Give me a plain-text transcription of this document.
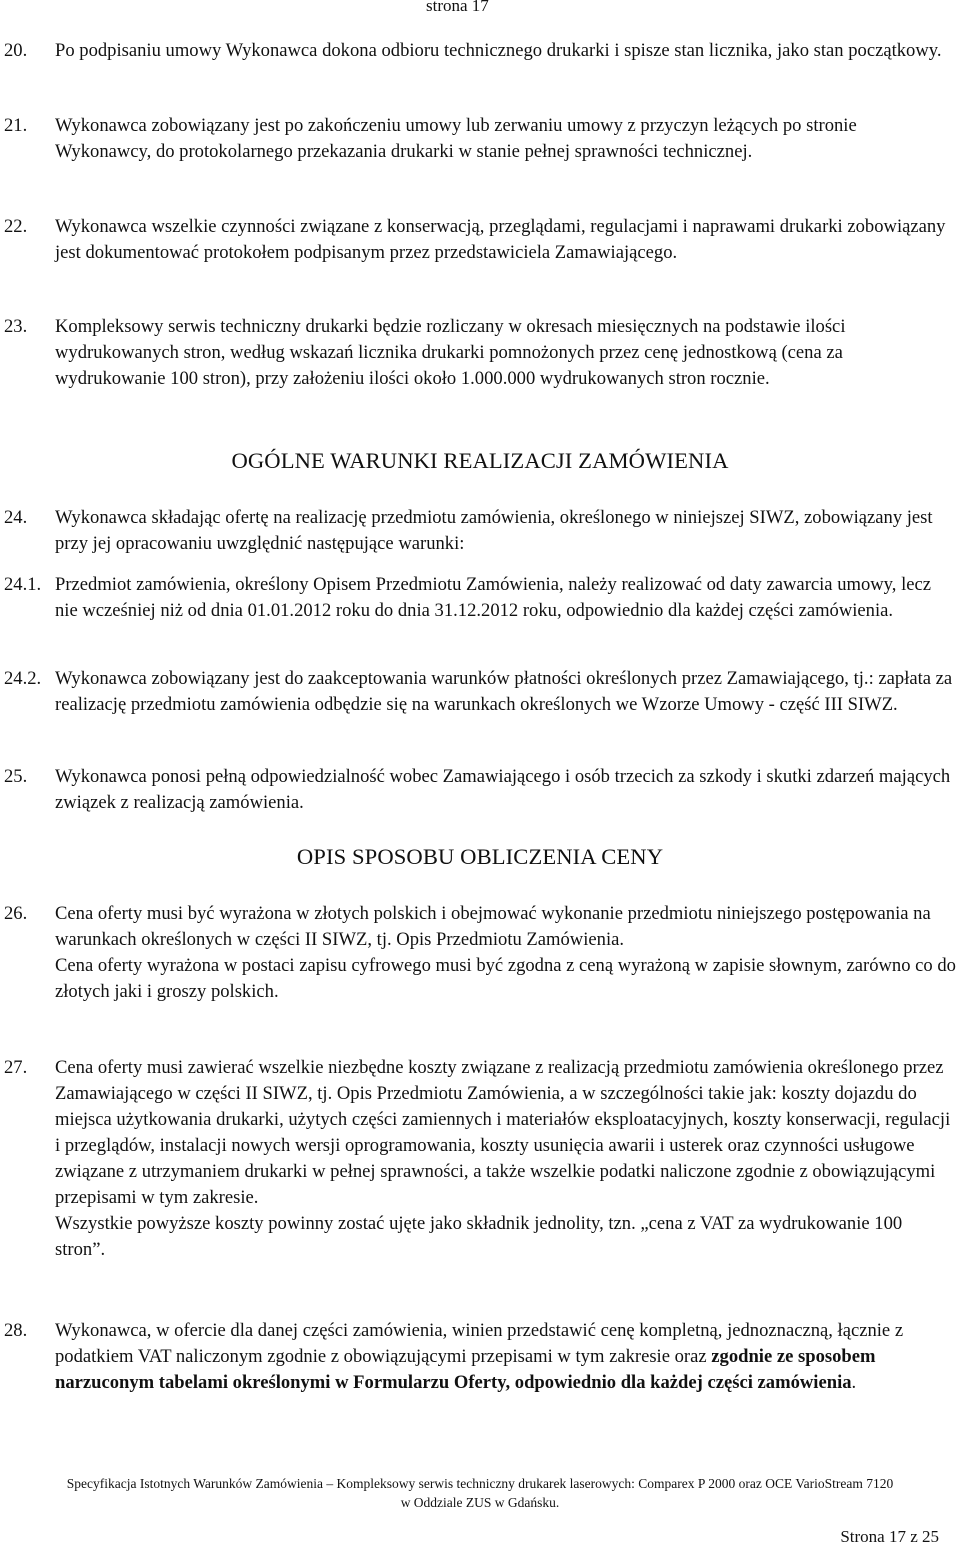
strona 17
20. Po podpisaniu umowy Wykonawca dokona odbioru technicznego drukarki i spisze stan licznika, jako stan początkowy.

21. Wykonawca zobowiązany jest po zakończeniu umowy lub zerwaniu umowy z przyczyn leżących po stronie Wykonawcy, do protokolarnego przekazania drukarki w stanie pełnej sprawności technicznej.

22. Wykonawca wszelkie czynności związane z konserwacją, przeglądami, regulacjami i naprawami drukarki zobowiązany jest dokumentować protokołem podpisanym przez przedstawiciela Zamawiającego.

23. Kompleksowy serwis techniczny drukarki będzie rozliczany w okresach miesięcznych na podstawie ilości wydrukowanych stron, według wskazań licznika drukarki pomnożonych przez cenę jednostkową (cena za wydrukowanie 100 stron), przy założeniu ilości około 1.000.000 wydrukowanych stron rocznie.

OGÓLNE WARUNKI REALIZACJI ZAMÓWIENIA
24. Wykonawca składając ofertę na realizację przedmiotu zamówienia, określonego w niniejszej SIWZ, zobowiązany jest przy jej opracowaniu uwzględnić następujące warunki:

24.1. Przedmiot zamówienia, określony Opisem Przedmiotu Zamówienia, należy realizować od daty zawarcia umowy, lecz nie wcześniej niż od dnia 01.01.2012 roku do dnia 31.12.2012 roku, odpowiednio dla każdej części zamówienia.

24.2. Wykonawca zobowiązany jest do zaakceptowania warunków płatności określonych przez Zamawiającego, tj.: zapłata za realizację przedmiotu zamówienia odbędzie się na warunkach określonych we Wzorze Umowy - część III SIWZ.

25. Wykonawca ponosi pełną odpowiedzialność wobec Zamawiającego i osób trzecich za szkody i skutki zdarzeń mających związek z realizacją zamówienia.

OPIS SPOSOBU OBLICZENIA CENY
26. Cena oferty musi być wyrażona w złotych polskich i obejmować wykonanie przedmiotu niniejszego postępowania na warunkach określonych w części II SIWZ, tj. Opis Przedmiotu Zamówienia.

Cena oferty wyrażona w postaci zapisu cyfrowego musi być zgodna z ceną wyrażoną w zapisie słownym, zarówno co do złotych jaki i groszy polskich.

27. Cena oferty musi zawierać wszelkie niezbędne koszty związane z realizacją przedmiotu zamówienia określonego przez Zamawiającego w części II SIWZ, tj. Opis Przedmiotu Zamówienia, a w szczególności takie jak: koszty dojazdu do miejsca użytkowania drukarki, użytych części zamiennych i materiałów eksploatacyjnych, koszty konserwacji, regulacji i przeglądów, instalacji nowych wersji oprogramowania, koszty usunięcia awarii i usterek oraz czynności usługowe związane z utrzymaniem drukarki w pełnej sprawności, a także wszelkie podatki naliczone zgodnie z obowiązującymi przepisami w tym zakresie.

Wszystkie powyższe koszty powinny zostać ujęte jako składnik jednolity, tzn. „cena z VAT za wydrukowanie 100 stron”.

28. Wykonawca, w ofercie dla danej części zamówienia, winien przedstawić cenę kompletną, jednoznaczną, łącznie z podatkiem VAT naliczonym zgodnie z obowiązującymi przepisami w tym zakresie oraz zgodnie ze sposobem narzuconym tabelami określonymi w Formularzu Oferty, odpowiednio dla każdej części zamówienia.

Specyfikacja Istotnych Warunków Zamówienia – Kompleksowy serwis techniczny drukarek laserowych: Comparex P 2000 oraz OCE VarioStream 7120
w Oddziale ZUS w Gdańsku.
Strona 17 z 25
